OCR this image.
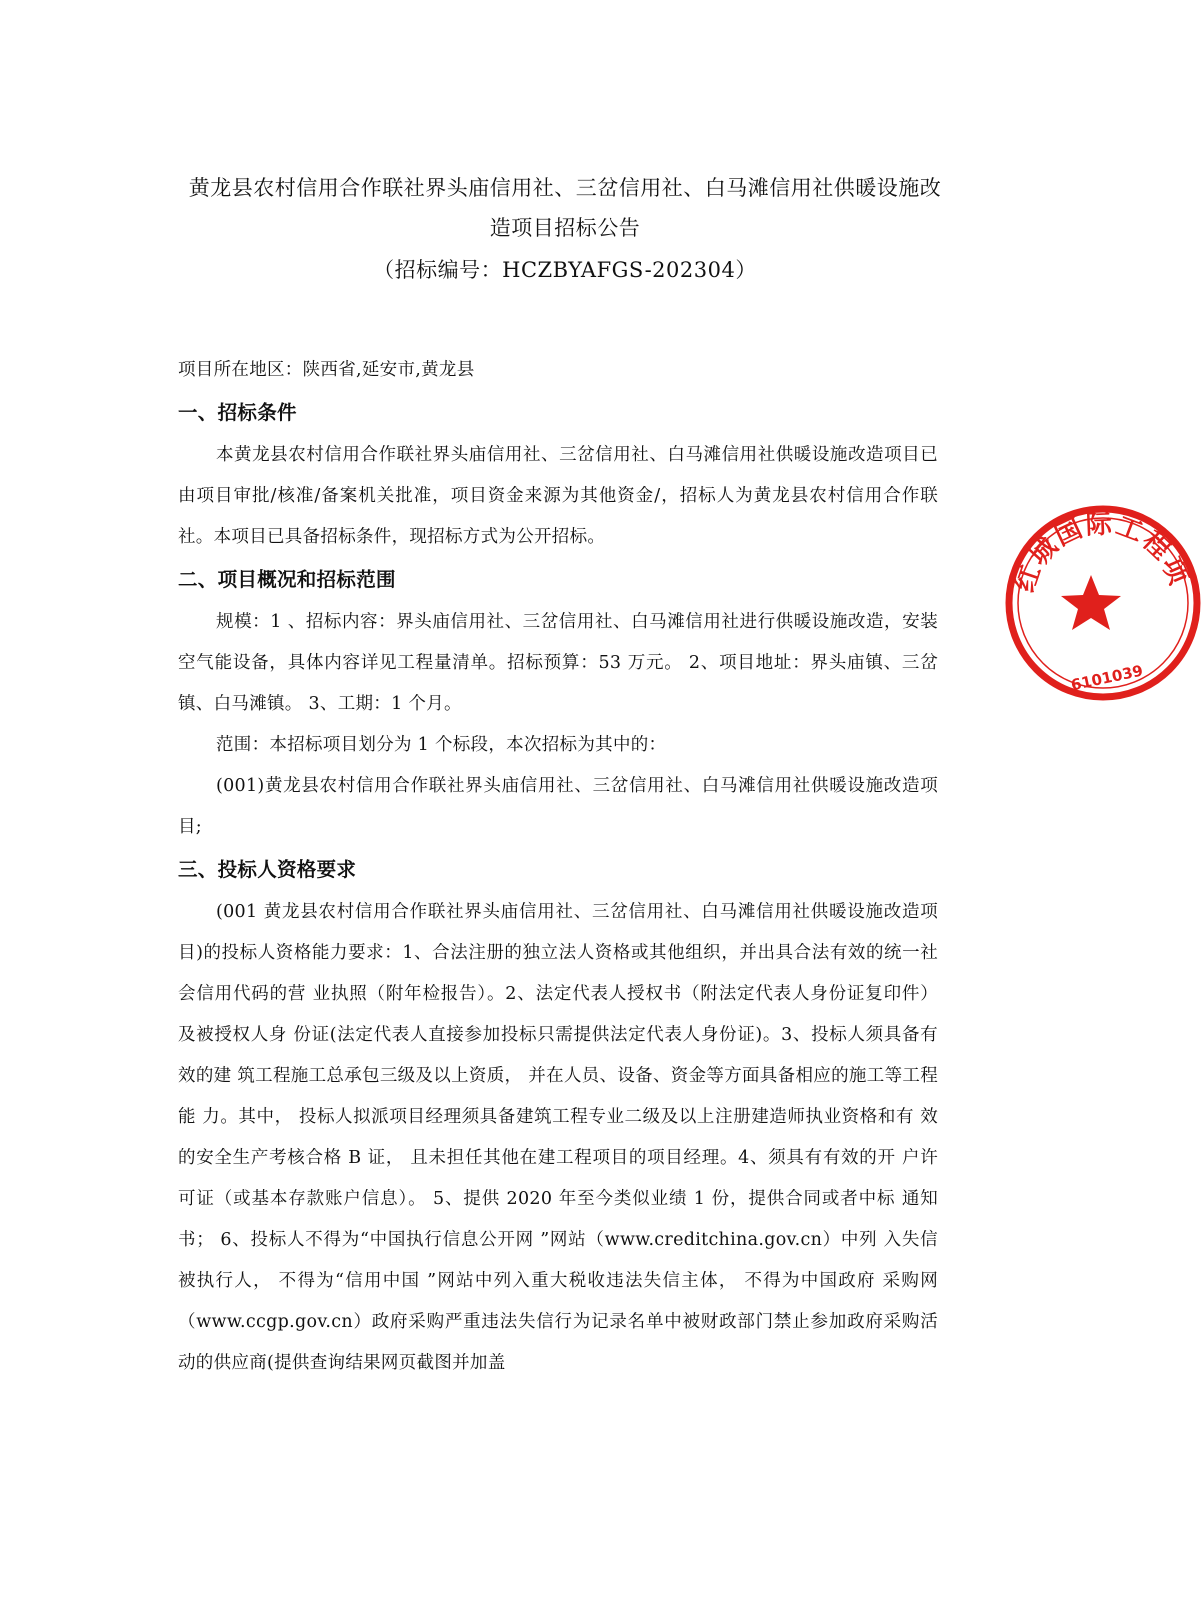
黄龙县农村信用合作联社界头庙信用社、三岔信用社、白马滩信用社供暖设施改

造项目招标公告

（招标编号：HCZBYAFGS-202304）

项目所在地区：陕西省,延安市,黄龙县

一、招标条件

本黄龙县农村信用合作联社界头庙信用社、三岔信用社、白马滩信用社供暖设施改造项目已由项目审批/核准/备案机关批准，项目资金来源为其他资金/，招标人为黄龙县农村信用合作联社。本项目已具备招标条件，现招标方式为公开招标。

二、项目概况和招标范围

规模：1 、招标内容：界头庙信用社、三岔信用社、白马滩信用社进行供暖设施改造，安装空气能设备，具体内容详见工程量清单。招标预算：53 万元。 2、项目地址：界头庙镇、三岔镇、白马滩镇。 3、工期：1 个月。

范围：本招标项目划分为 1 个标段，本次招标为其中的：

(001)黄龙县农村信用合作联社界头庙信用社、三岔信用社、白马滩信用社供暖设施改造项目;

三、投标人资格要求

(001 黄龙县农村信用合作联社界头庙信用社、三岔信用社、白马滩信用社供暖设施改造项目)的投标人资格能力要求：1、合法注册的独立法人资格或其他组织，并出具合法有效的统一社会信用代码的营 业执照（附年检报告）。2、法定代表人授权书（附法定代表人身份证复印件） 及被授权人身 份证(法定代表人直接参加投标只需提供法定代表人身份证)。3、投标人须具备有效的建 筑工程施工总承包三级及以上资质， 并在人员、设备、资金等方面具备相应的施工等工程能 力。其中， 投标人拟派项目经理须具备建筑工程专业二级及以上注册建造师执业资格和有 效的安全生产考核合格 B 证， 且未担任其他在建工程项目的项目经理。4、须具有有效的开 户许可证（或基本存款账户信息）。 5、提供 2020 年至今类似业绩 1 份，提供合同或者中标 通知书； 6、投标人不得为“中国执行信息公开网 ”网站（www.creditchina.gov.cn）中列 入失信被执行人， 不得为“信用中国 ”网站中列入重大税收违法失信主体， 不得为中国政府 采购网（www.ccgp.gov.cn）政府采购严重违法失信行为记录名单中被财政部门禁止参加政府采购活动的供应商(提供查询结果网页截图并加盖

红城国际工程项
6101039
